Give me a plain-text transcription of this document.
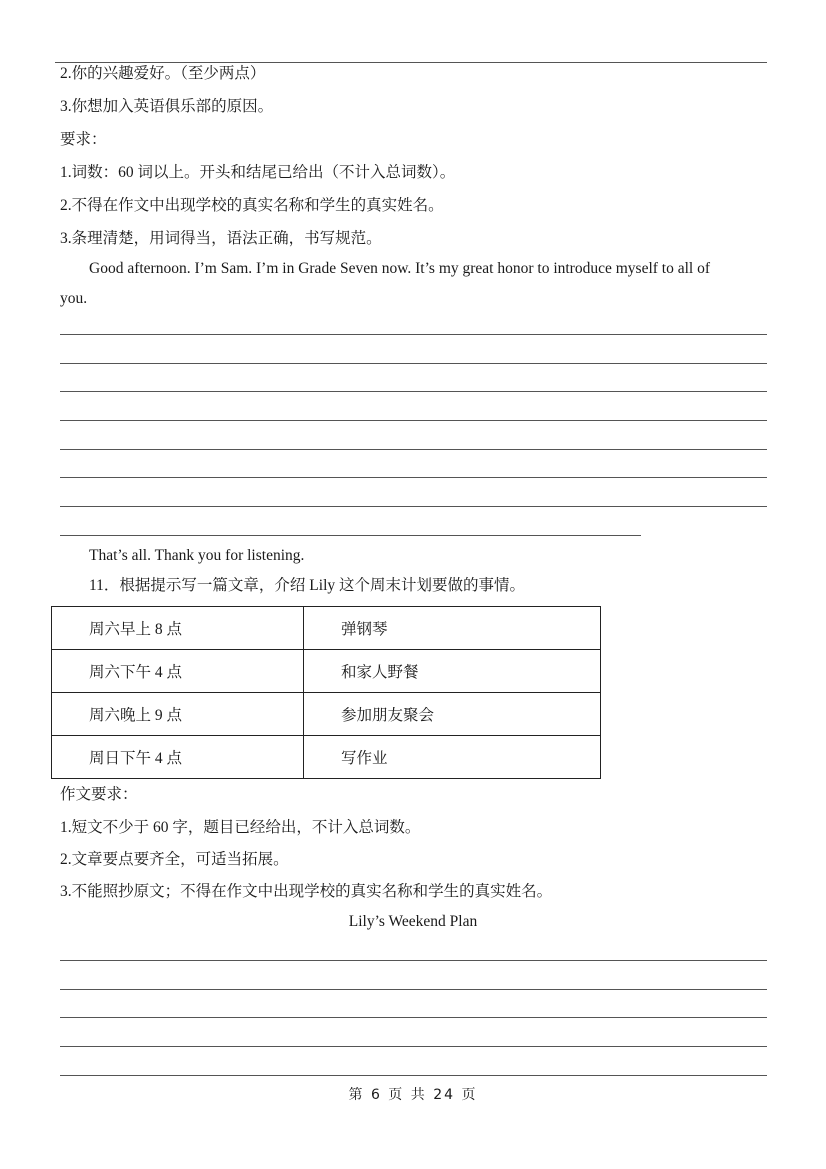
2.你的兴趣爱好。（至少两点）
3.你想加入英语俱乐部的原因。
要求：
1.词数：60 词以上。开头和结尾已给出（不计入总词数）。
2.不得在作文中出现学校的真实名称和学生的真实姓名。
3.条理清楚，用词得当，语法正确，书写规范。
Good afternoon. I’m Sam. I’m in Grade Seven now. It’s my great honor to introduce myself to all of
you.
That’s all. Thank you for listening.
11．根据提示写一篇文章，介绍 Lily 这个周末计划要做的事情。
周六早上 8 点	弹钢琴
周六下午 4 点	和家人野餐
周六晚上 9 点	参加朋友聚会
周日下午 4 点	写作业
作文要求：
1.短文不少于 60 字，题目已经给出，不计入总词数。
2.文章要点要齐全，可适当拓展。
3.不能照抄原文；不得在作文中出现学校的真实名称和学生的真实姓名。
Lily’s Weekend Plan
第 6 页 共 24 页
